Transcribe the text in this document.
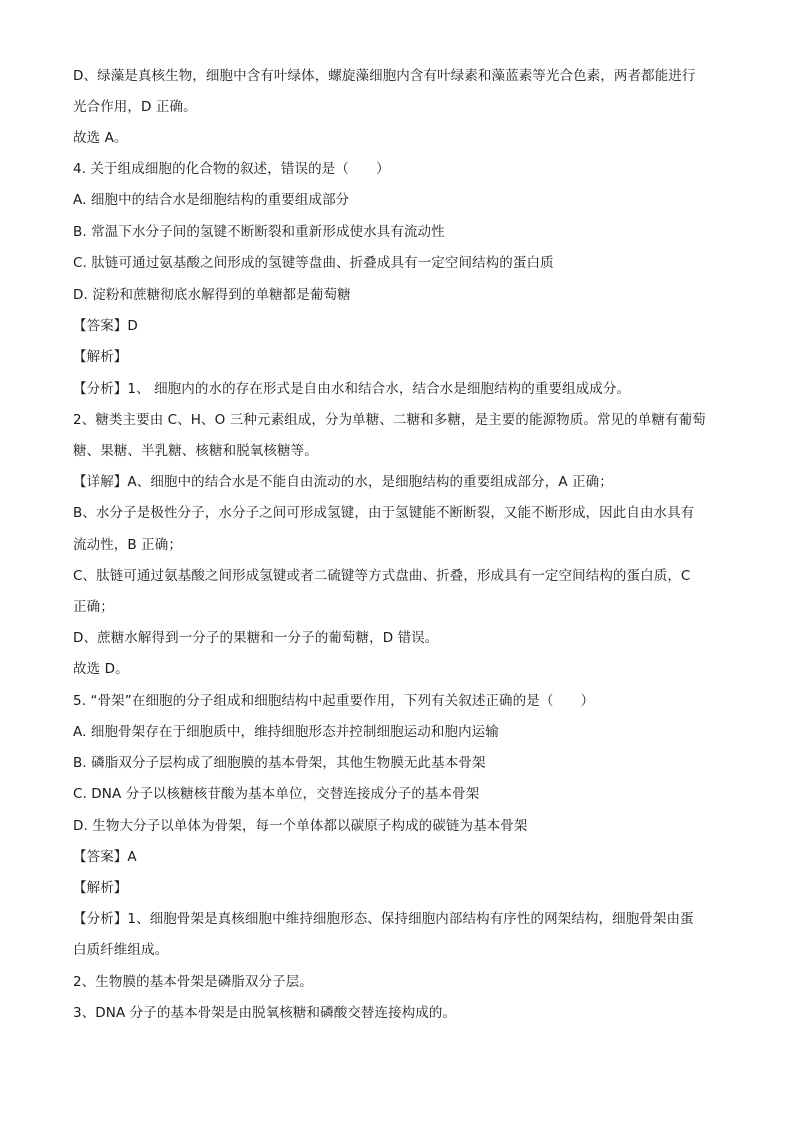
D、绿藻是真核生物，细胞中含有叶绿体，螺旋藻细胞内含有叶绿素和藻蓝素等光合色素，两者都能进行
光合作用，D 正确。
故选 A。
4. 关于组成细胞的化合物的叙述，错误的是（　　）
A. 细胞中的结合水是细胞结构的重要组成部分
B. 常温下水分子间的氢键不断断裂和重新形成使水具有流动性
C. 肽链可通过氨基酸之间形成的氢键等盘曲、折叠成具有一定空间结构的蛋白质
D. 淀粉和蔗糖彻底水解得到的单糖都是葡萄糖
【答案】D
【解析】
【分析】1、 细胞内的水的存在形式是自由水和结合水，结合水是细胞结构的重要组成成分。
2、糖类主要由 C、H、O 三种元素组成，分为单糖、二糖和多糖，是主要的能源物质。常见的单糖有葡萄
糖、果糖、半乳糖、核糖和脱氧核糖等。
【详解】A、细胞中的结合水是不能自由流动的水，是细胞结构的重要组成部分，A 正确；
B、水分子是极性分子，水分子之间可形成氢键，由于氢键能不断断裂，又能不断形成，因此自由水具有
流动性，B 正确；
C、肽链可通过氨基酸之间形成氢键或者二硫键等方式盘曲、折叠，形成具有一定空间结构的蛋白质，C
正确；
D、蔗糖水解得到一分子的果糖和一分子的葡萄糖，D 错误。
故选 D。
5. “骨架”在细胞的分子组成和细胞结构中起重要作用，下列有关叙述正确的是（　　）
A. 细胞骨架存在于细胞质中，维持细胞形态并控制细胞运动和胞内运输
B. 磷脂双分子层构成了细胞膜的基本骨架，其他生物膜无此基本骨架
C. DNA 分子以核糖核苷酸为基本单位，交替连接成分子的基本骨架
D. 生物大分子以单体为骨架，每一个单体都以碳原子构成的碳链为基本骨架
【答案】A
【解析】
【分析】1、细胞骨架是真核细胞中维持细胞形态、保持细胞内部结构有序性的网架结构，细胞骨架由蛋
白质纤维组成。
2、生物膜的基本骨架是磷脂双分子层。
3、DNA 分子的基本骨架是由脱氧核糖和磷酸交替连接构成的。
